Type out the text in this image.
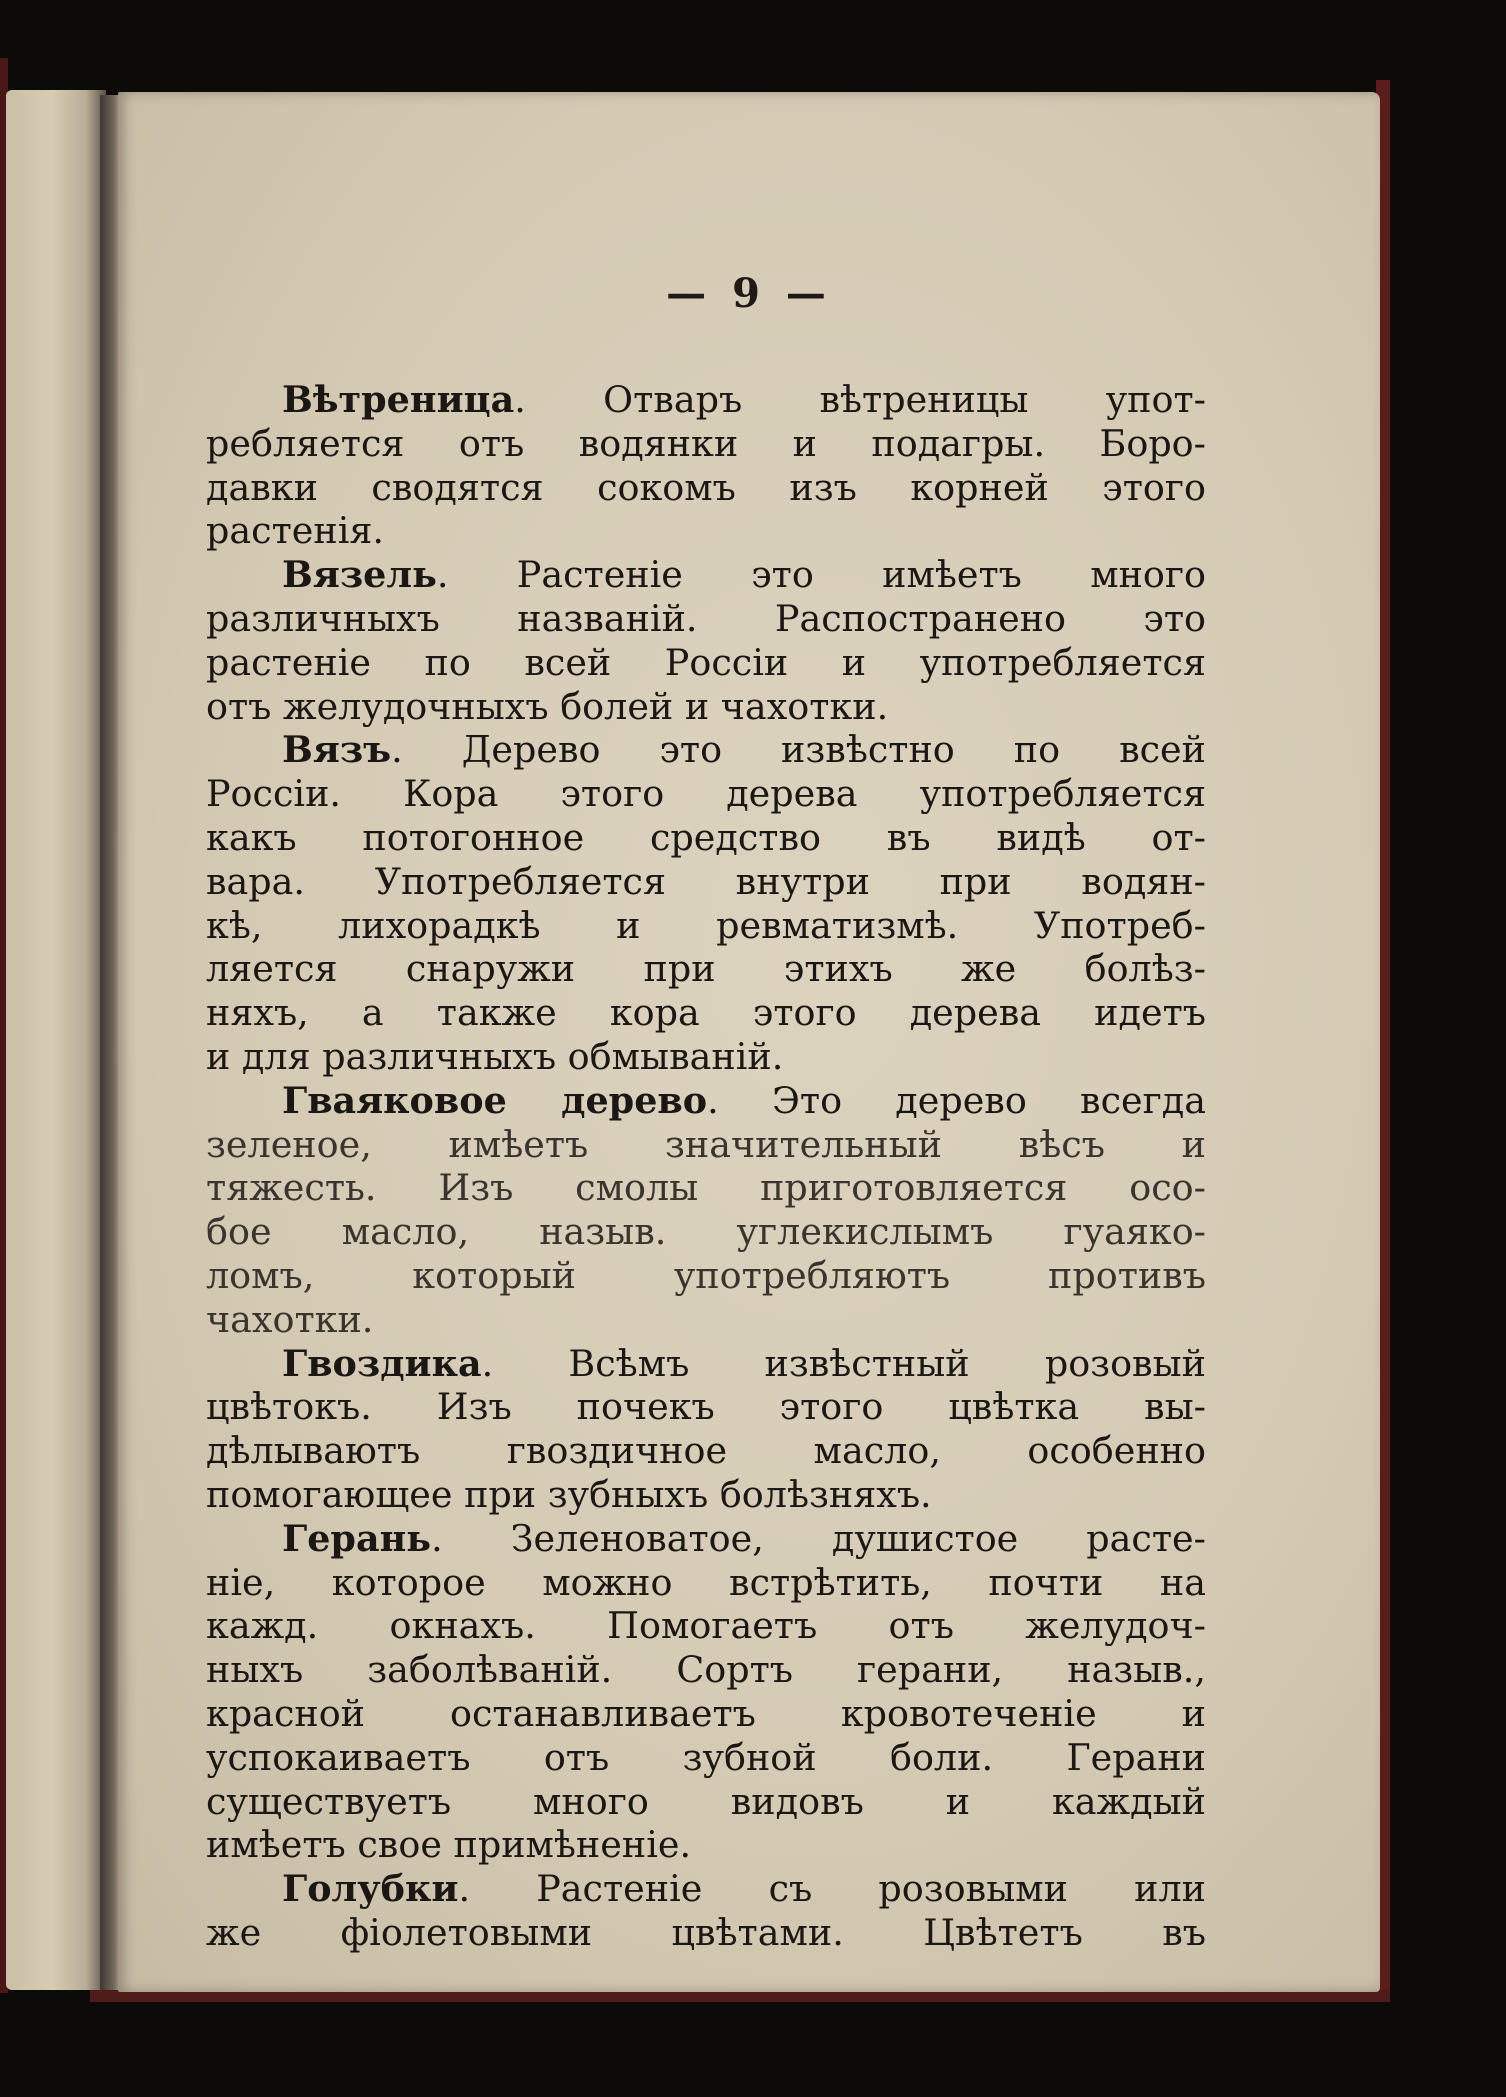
— 9 —
Вѣтреница. Отваръ вѣтреницы упот-
ребляется отъ водянки и подагры. Боро-
давки сводятся сокомъ изъ корней этого
растенія.
Вязель. Растеніе это имѣетъ много
различныхъ названій. Распостранено это
растеніе по всей Россіи и употребляется
отъ желудочныхъ болей и чахотки.
Вязъ. Дерево это извѣстно по всей
Россіи. Кора этого дерева употребляется
какъ потогонное средство въ видѣ от-
вара. Употребляется внутри при водян-
кѣ, лихорадкѣ и ревматизмѣ. Употреб-
ляется снаружи при этихъ же болѣз-
няхъ, а также кора этого дерева идетъ
и для различныхъ обмываній.
Гваяковое дерево. Это дерево всегда
зеленое, имѣетъ значительный вѣсъ и
тяжесть. Изъ смолы приготовляется осо-
бое масло, назыв. углекислымъ гуаяко-
ломъ, который употребляютъ противъ
чахотки.
Гвоздика. Всѣмъ извѣстный розовый
цвѣтокъ. Изъ почекъ этого цвѣтка вы-
дѣлываютъ гвоздичное масло, особенно
помогающее при зубныхъ болѣзняхъ.
Герань. Зеленоватое, душистое расте-
ніе, которое можно встрѣтить, почти на
кажд. окнахъ. Помогаетъ отъ желудоч-
ныхъ заболѣваній. Сортъ герани, назыв.,
красной останавливаетъ кровотеченіе и
успокаиваетъ отъ зубной боли. Герани
существуетъ много видовъ и каждый
имѣетъ свое примѣненіе.
Голубки. Растеніе съ розовыми или
же фіолетовыми цвѣтами. Цвѣтетъ въ
